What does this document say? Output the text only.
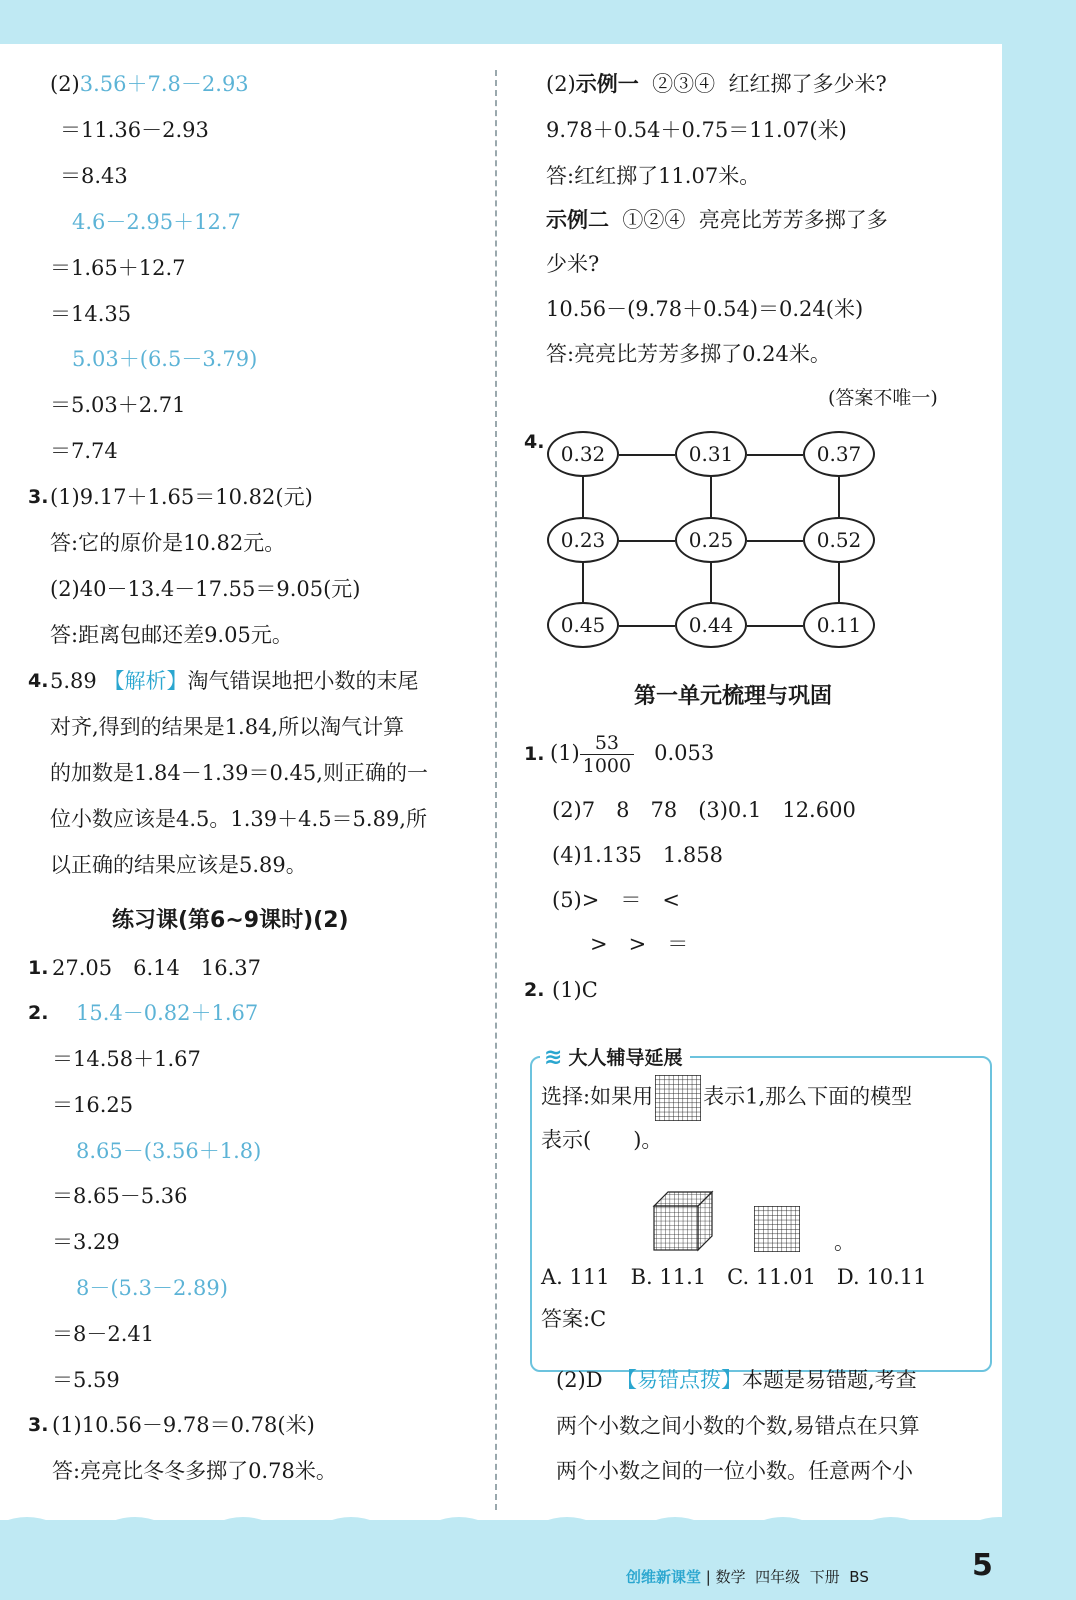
(2)3.56＋7.8－2.93
＝11.36－2.93
＝8.43
4.6－2.95＋12.7
＝1.65＋12.7
＝14.35
5.03＋(6.5－3.79)
＝5.03＋2.71
＝7.74
3. (1)9.17＋1.65＝10.82(元)
答:它的原价是10.82元。
(2)40－13.4－17.55＝9.05(元)
答:距离包邮还差9.05元。
4. 5.89 【解析】淘气错误地把小数的末尾
对齐,得到的结果是1.84,所以淘气计算
的加数是1.84－1.39＝0.45,则正确的一
位小数应该是4.5。1.39＋4.5＝5.89,所
以正确的结果应该是5.89。
练习课(第6~9课时)(2)
1. 27.05　6.14　16.37
2. 15.4－0.82＋1.67
＝14.58＋1.67
＝16.25
8.65－(3.56＋1.8)
＝8.65－5.36
＝3.29
8－(5.3－2.89)
＝8－2.41
＝5.59
3. (1)10.56－9.78＝0.78(米)
答:亮亮比冬冬多掷了0.78米。
(2)示例一 ②③④ 红红掷了多少米?
9.78＋0.54＋0.75＝11.07(米)
答:红红掷了11.07米。
示例二 ①②④ 亮亮比芳芳多掷了多
少米?
10.56－(9.78＋0.54)＝0.24(米)
答:亮亮比芳芳多掷了0.24米。
(答案不唯一)
4. 0.32	0.31	0.37
0.23	0.25	0.52
0.45	0.44	0.11
第一单元梳理与巩固
1. $(1) \frac{53}{1000} 0.053$
(2)7　8　78　(3)0.1　12.600
(4)1.135　1.858
(5)>　＝　<
>　>　＝
2. (1)C
≋ 大人辅导延展
选择:如果用 表示1,那么下面的模型
表示(　　)。
。
A. 111　B. 11.1　C. 11.01　D. 10.11
答案:C
(2)D 【易错点拨】本题是易错题,考查
两个小数之间小数的个数,易错点在只算
两个小数之间的一位小数。任意两个小
创维新课堂 | 数学 四年级 下册 BS	5
